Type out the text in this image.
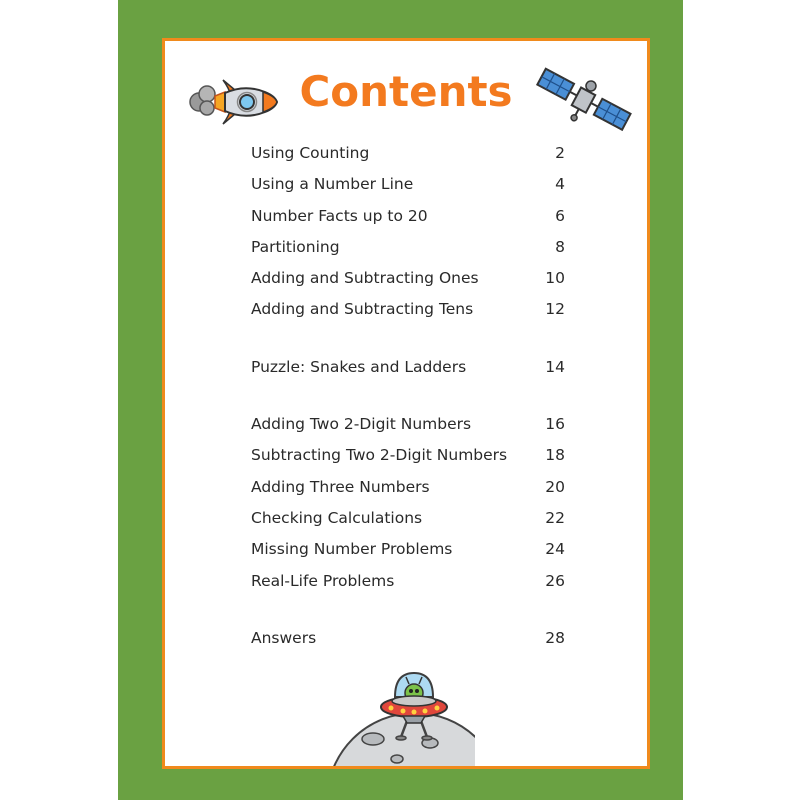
Contents
Using Counting	2
Using a Number Line	4
Number Facts up to 20	6
Partitioning	8
Adding and Subtracting Ones	10
Adding and Subtracting Tens	12
Puzzle: Snakes and Ladders	14
Adding Two 2-Digit Numbers	16
Subtracting Two 2-Digit Numbers 18
Adding Three Numbers	20
Checking Calculations	22
Missing Number Problems	24
Real-Life Problems	26
Answers	28
